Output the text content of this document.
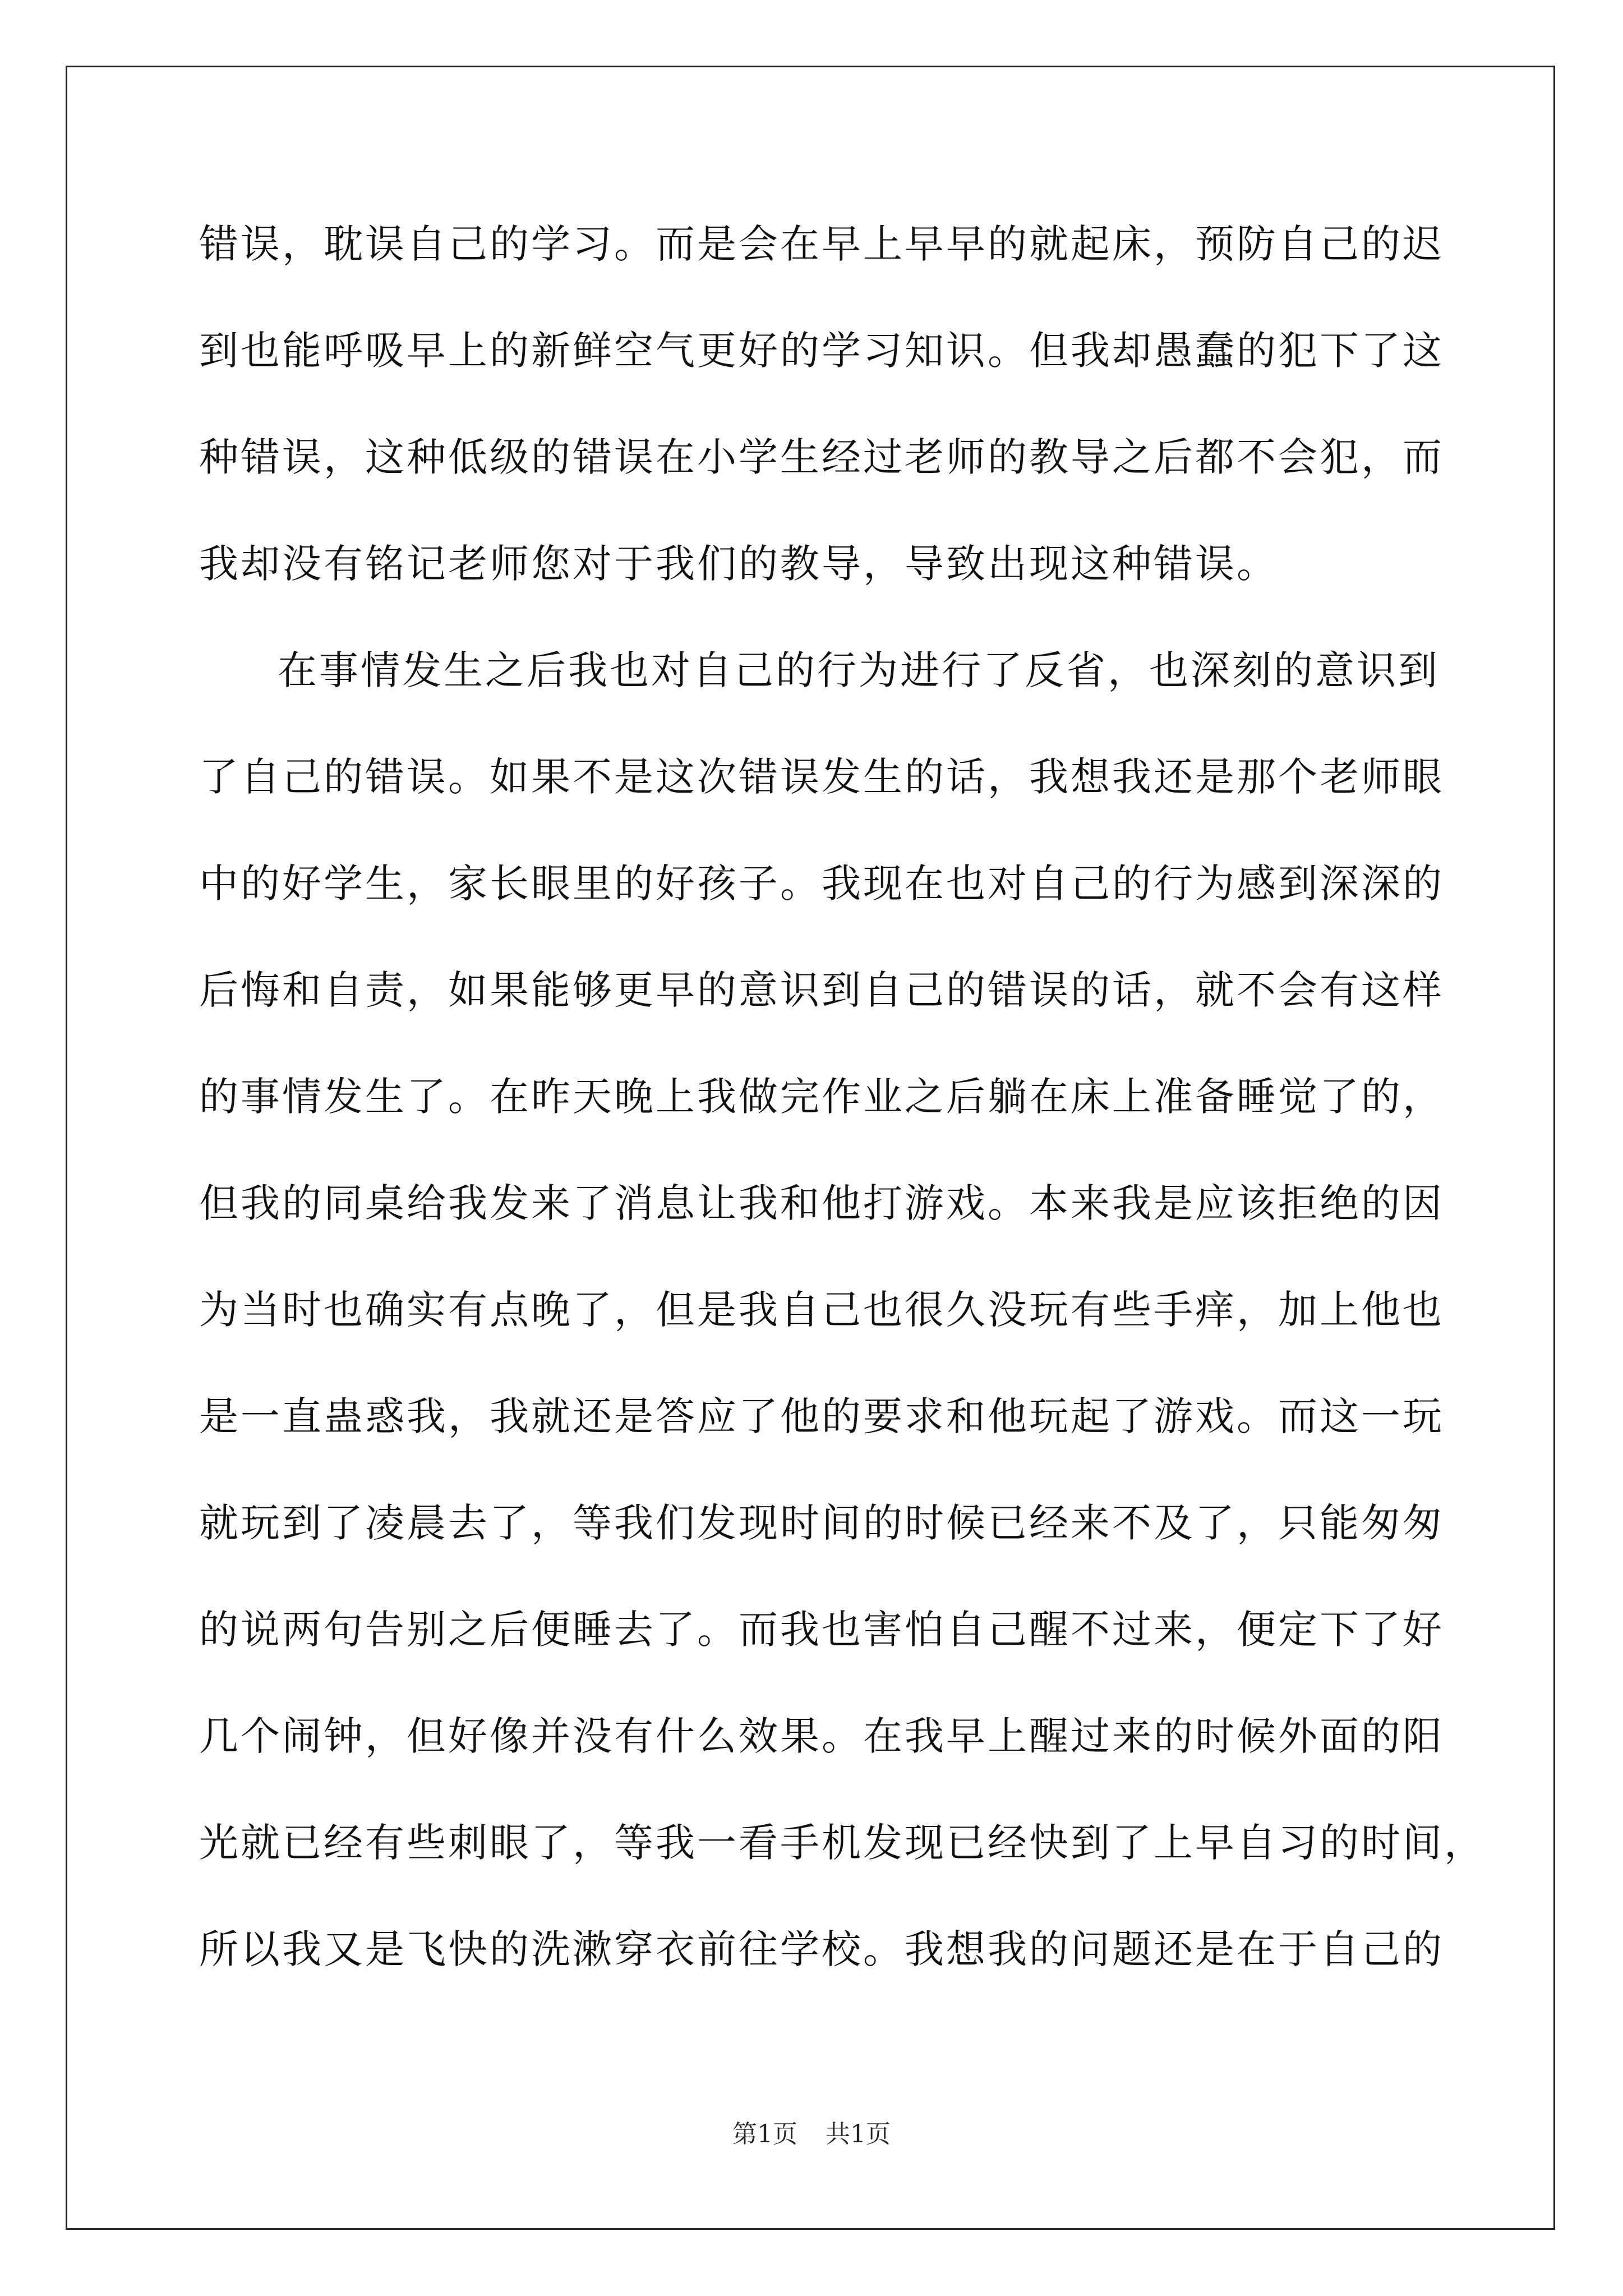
错误，耽误自己的学习。而是会在早上早早的就起床，预防自己的迟
到也能呼吸早上的新鲜空气更好的学习知识。但我却愚蠢的犯下了这
种错误，这种低级的错误在小学生经过老师的教导之后都不会犯，而
我却没有铭记老师您对于我们的教导，导致出现这种错误。
在事情发生之后我也对自己的行为进行了反省，也深刻的意识到
了自己的错误。如果不是这次错误发生的话，我想我还是那个老师眼
中的好学生，家长眼里的好孩子。我现在也对自己的行为感到深深的
后悔和自责，如果能够更早的意识到自己的错误的话，就不会有这样
的事情发生了。在昨天晚上我做完作业之后躺在床上准备睡觉了的，
但我的同桌给我发来了消息让我和他打游戏。本来我是应该拒绝的因
为当时也确实有点晚了，但是我自己也很久没玩有些手痒，加上他也
是一直蛊惑我，我就还是答应了他的要求和他玩起了游戏。而这一玩
就玩到了凌晨去了，等我们发现时间的时候已经来不及了，只能匆匆
的说两句告别之后便睡去了。而我也害怕自己醒不过来，便定下了好
几个闹钟，但好像并没有什么效果。在我早上醒过来的时候外面的阳
光就已经有些刺眼了，等我一看手机发现已经快到了上早自习的时间，
所以我又是飞快的洗漱穿衣前往学校。我想我的问题还是在于自己的
第1页 共1页
